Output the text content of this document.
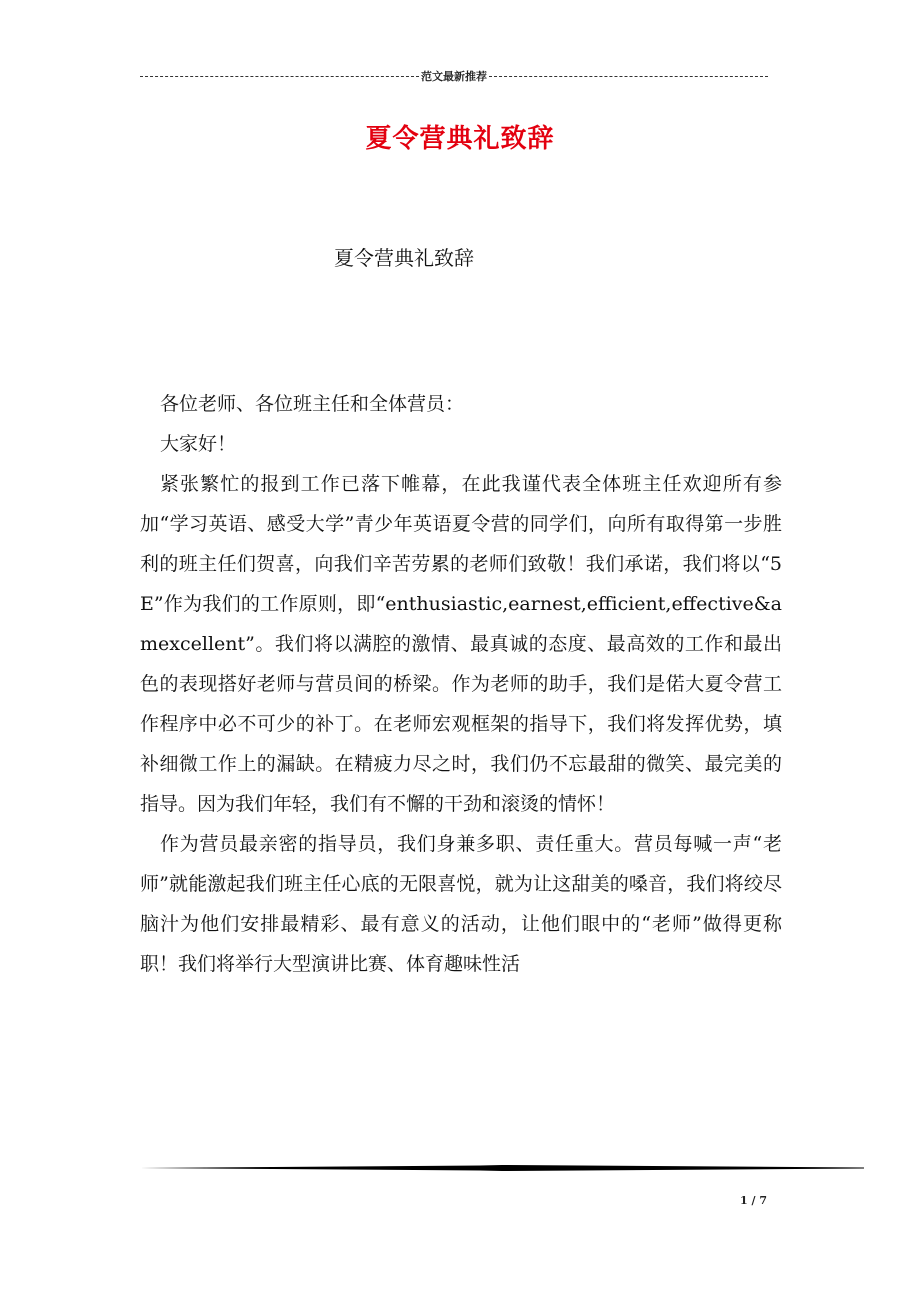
范文最新推荐
夏令营典礼致辞
夏令营典礼致辞

各位老师、各位班主任和全体营员：

大家好！

紧张繁忙的报到工作已落下帷幕，在此我谨代表全体班主任欢迎所有参加“学习英语、感受大学”青少年英语夏令营的同学们，向所有取得第一步胜利的班主任们贺喜，向我们辛苦劳累的老师们致敬！我们承诺，我们将以“5E”作为我们的工作原则，即“enthusiastic,earnest,efficient,effective&amexcellent”。我们将以满腔的激情、最真诚的态度、最高效的工作和最出色的表现搭好老师与营员间的桥梁。作为老师的助手，我们是偌大夏令营工作程序中必不可少的补丁。在老师宏观框架的指导下，我们将发挥优势，填补细微工作上的漏缺。在精疲力尽之时，我们仍不忘最甜的微笑、最完美的指导。因为我们年轻，我们有不懈的干劲和滚烫的情怀！

作为营员最亲密的指导员，我们身兼多职、责任重大。营员每喊一声“老师”就能激起我们班主任心底的无限喜悦，就为让这甜美的嗓音，我们将绞尽脑汁为他们安排最精彩、最有意义的活动，让他们眼中的“老师”做得更称职！我们将举行大型演讲比赛、体育趣味性活

1 / 7
